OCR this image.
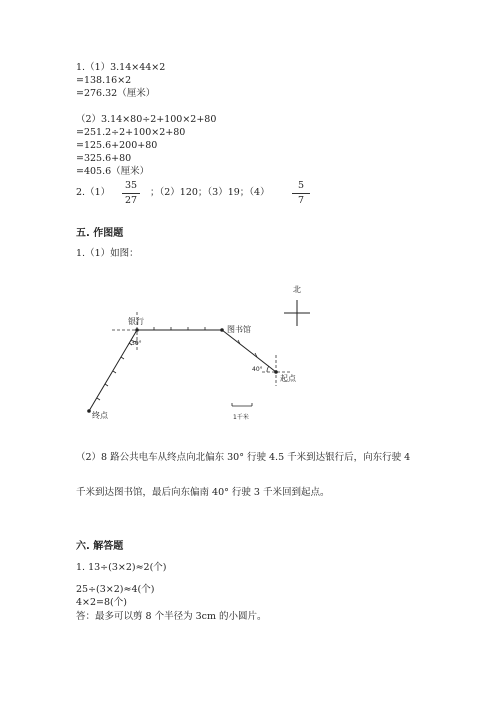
1.（1）3.14×44×2
=138.16×2
=276.32（厘米）
（2）3.14×80÷2+100×2+80
=251.2÷2+100×2+80
=125.6+200+80
=325.6+80
=405.6（厘米）
2.（1）
35
27
；（2）120；（3）19；（4）
5
7
五. 作图题
1.（1）如图：
北
银行
图书馆
起点
终点
30°
40°
1千米
（2）8 路公共电车从终点向北偏东 30° 行驶 4.5 千米到达银行后，向东行驶 4
千米到达图书馆，最后向东偏南 40° 行驶 3 千米回到起点。
六. 解答题
1. 13÷(3×2)≈2(个)
25÷(3×2)≈4(个)
4×2=8(个)
答：最多可以剪 8 个半径为 3cm 的小圆片。
